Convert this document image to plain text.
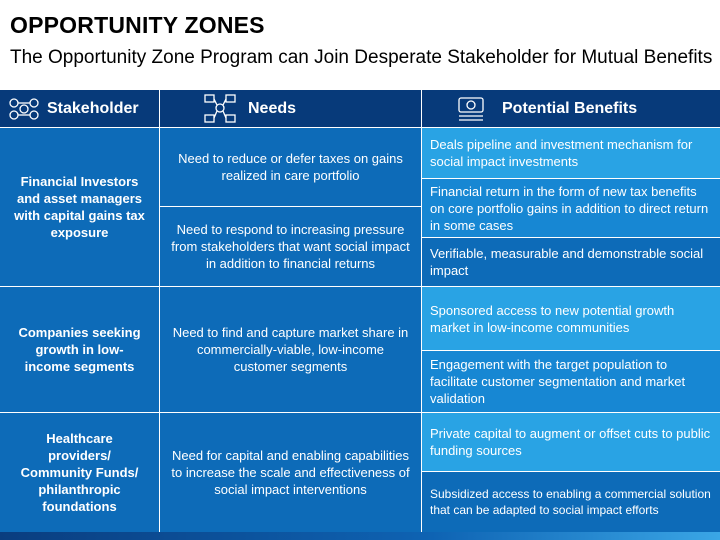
OPPORTUNITY ZONES

The Opportunity Zone Program can Join Desperate Stakeholder for Mutual Benefits

Stakeholder	Needs	Potential Benefits
Financial Investors and asset managers with capital gains tax exposure
Need to reduce or defer taxes on gains realized in care portfolio
Need to respond to increasing pressure from stakeholders that want social impact in addition to financial returns
Deals pipeline and investment mechanism for social impact investments
Financial return in the form of new tax benefits on core portfolio gains in addition to direct return in some cases
Verifiable, measurable and demonstrable social impact
Companies seeking growth in low-income segments
Need to find and capture market share in commercially-viable, low-income customer segments
Sponsored access to new potential growth market in low-income communities
Engagement with the target population to facilitate customer segmentation and market validation
Healthcare providers/ Community Funds/ philanthropic foundations
Need for capital and enabling capabilities to increase the scale and effectiveness of social impact interventions
Private capital to augment or offset cuts to public funding sources
Subsidized access to enabling a commercial solution that can be adapted to social impact efforts
